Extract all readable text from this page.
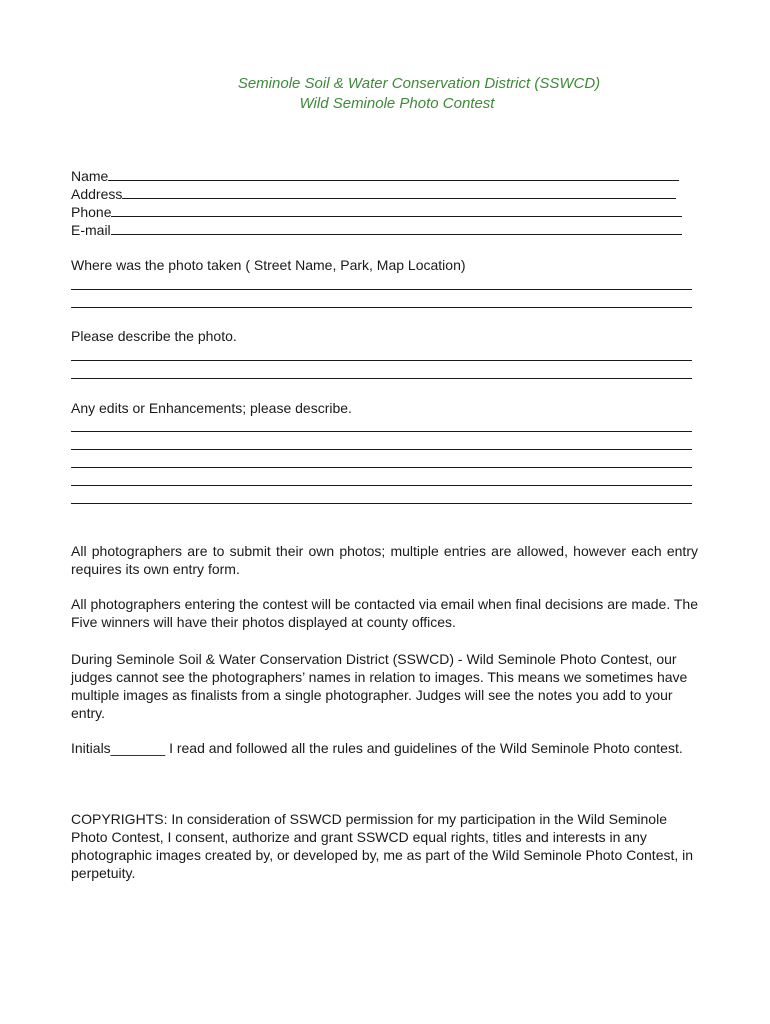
Seminole Soil & Water Conservation District (SSWCD)
Wild Seminole Photo Contest
Name
Address
Phone
E-mail
Where was the photo taken ( Street Name, Park, Map Location)
Please describe the photo.
Any edits or Enhancements; please describe.
All photographers are to submit their own photos; multiple entries are allowed, however each entry requires its own entry form.
All photographers entering the contest will be contacted via email when final decisions are made. The Five winners will have their photos displayed at county offices.
During Seminole Soil & Water Conservation District (SSWCD) - Wild Seminole Photo Contest, our judges cannot see the photographers’ names in relation to images. This means we sometimes have multiple images as finalists from a single photographer. Judges will see the notes you add to your entry.
Initials_______ I read and followed all the rules and guidelines of the Wild Seminole Photo contest.
COPYRIGHTS: In consideration of SSWCD permission for my participation in the Wild Seminole Photo Contest, I consent, authorize and grant SSWCD equal rights, titles and interests in any photographic images created by, or developed by, me as part of the Wild Seminole Photo Contest, in perpetuity.
